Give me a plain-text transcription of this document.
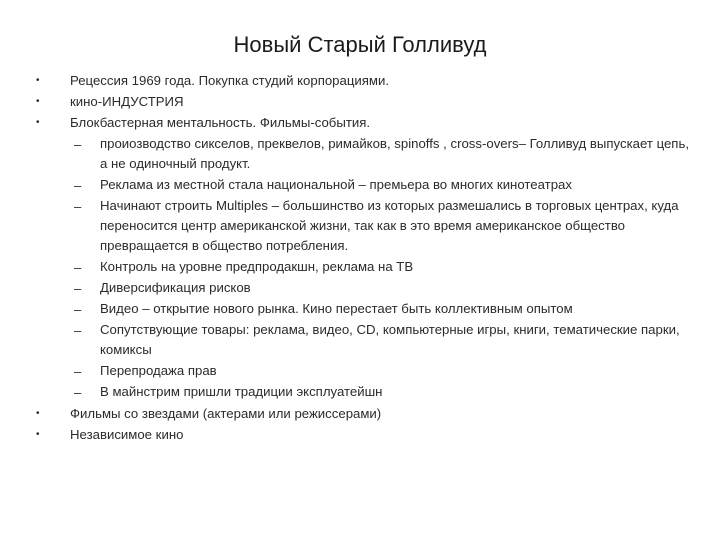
Новый Старый Голливуд
• Рецессия 1969 года. Покупка студий корпорациями.
• кино-ИНДУСТРИЯ
• Блокбастерная ментальность. Фильмы-события.
– проиозводство сикселов, преквелов, римайков, spinoffs , cross-overs– Голливуд выпускает цепь, а не одиночный продукт.
– Реклама из местной стала национальной – премьера во многих кинотеатрах
– Начинают строить Multiples – большинство из которых размешались в торговых центрах, куда переносится центр американской жизни, так как в это время американское общество превращается в общество потребления.
– Контроль на уровне предпродакшн, реклама на ТВ
– Диверсификация рисков
– Видео – открытие нового рынка. Кино перестает быть коллективным опытом
– Сопутствующие товары: реклама, видео, CD, компьютерные игры, книги, тематические парки, комиксы
– Перепродажа прав
– В майнстрим пришли традиции эксплуатейшн
• Фильмы со звездами (актерами или режиссерами)
• Независимое кино
